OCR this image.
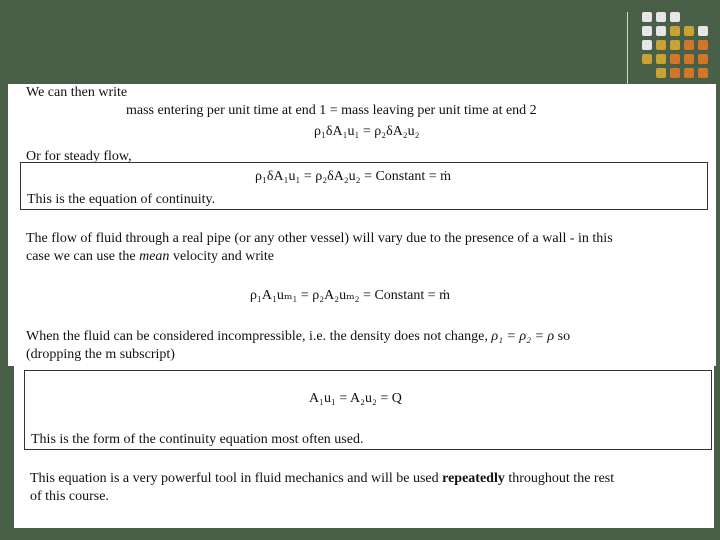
We can then write
mass entering per unit time at end 1 = mass leaving per unit time at end 2
ρ₁δA₁u₁ = ρ₂δA₂u₂
Or for steady flow,
ρ₁δA₁u₁ = ρ₂δA₂u₂ = Constant = ṁ
This is the equation of continuity.
The flow of fluid through a real pipe (or any other vessel) will vary due to the presence of a wall - in this
case we can use the mean velocity and write
ρ₁A₁uₘ₁ = ρ₂A₂uₘ₂ = Constant = ṁ
When the fluid can be considered incompressible, i.e. the density does not change, ρ₁ = ρ₂ = ρ so
(dropping the m subscript)
A₁u₁ = A₂u₂ = Q
This is the form of the continuity equation most often used.
This equation is a very powerful tool in fluid mechanics and will be used repeatedly throughout the rest
of this course.
